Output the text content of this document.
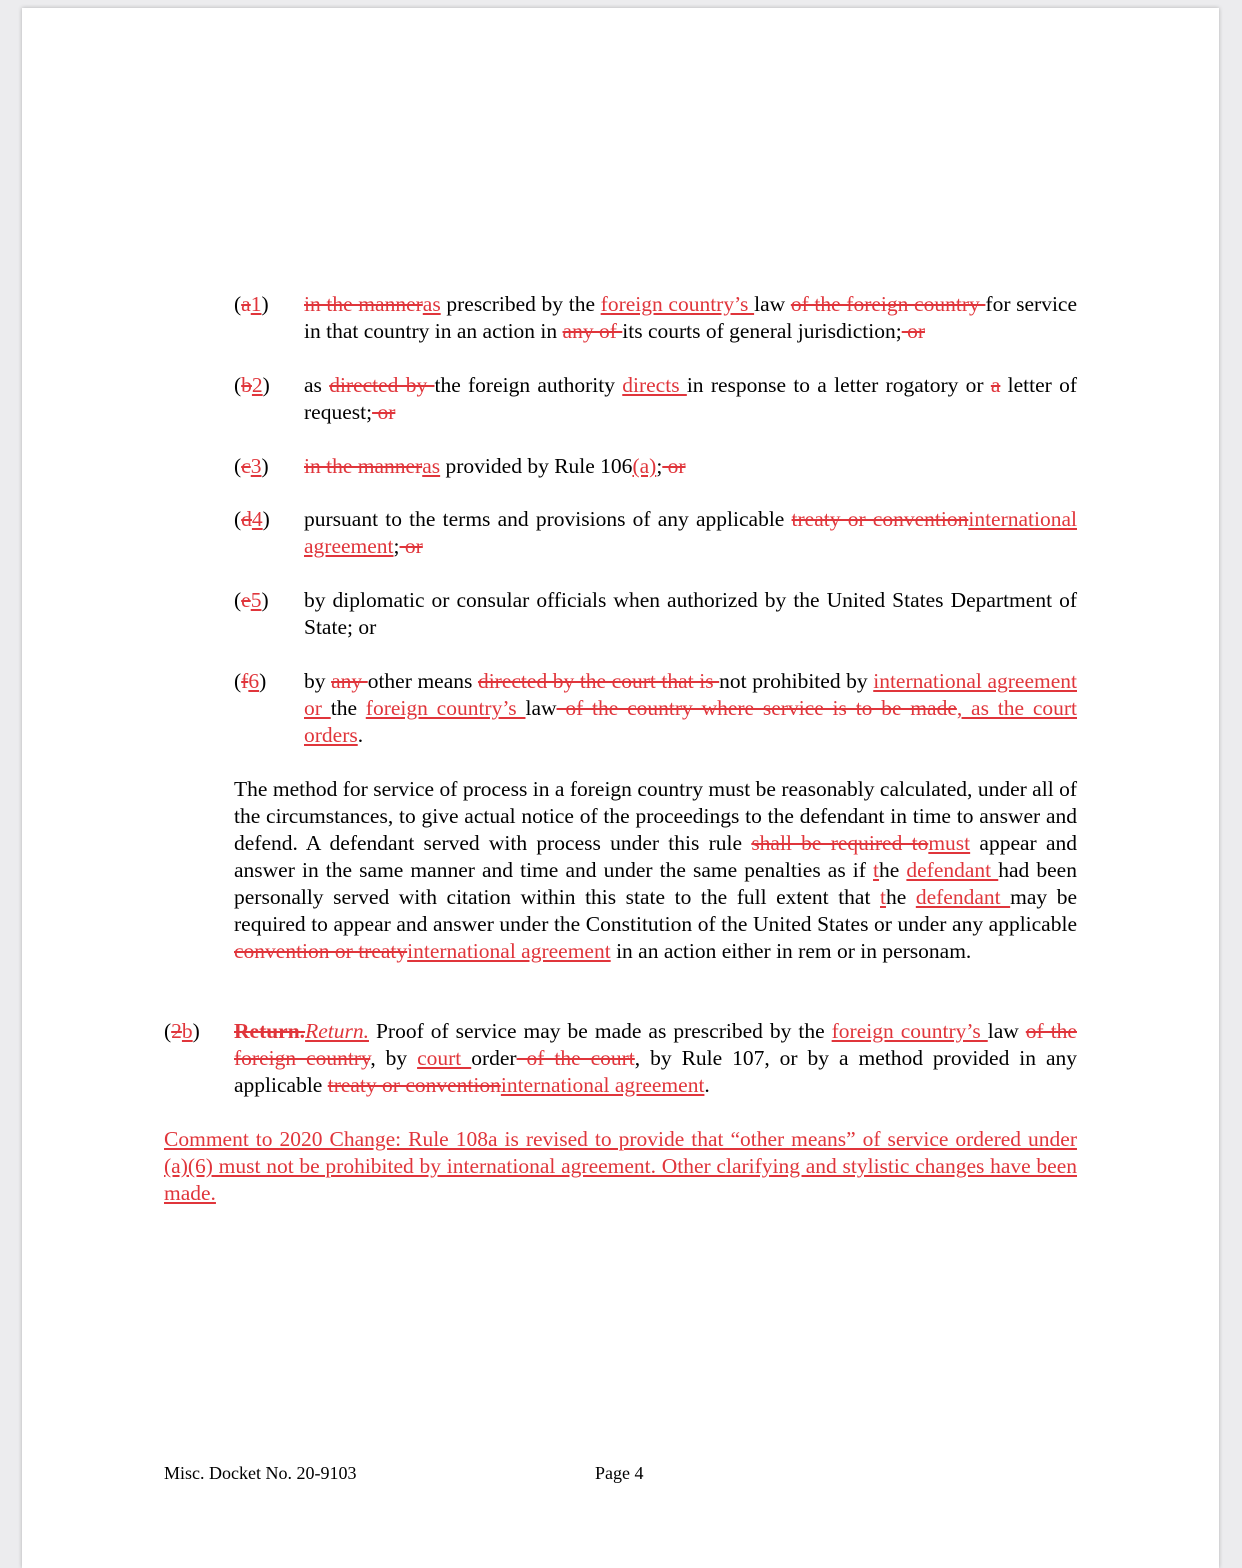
(a1) in the manneras prescribed by the foreign country’s law of the foreign country for service in that country in an action in any of its courts of general jurisdiction; or
(b2) as directed by the foreign authority directs in response to a letter rogatory or a letter of request; or
(c3) in the manneras provided by Rule 106(a); or
(d4) pursuant to the terms and provisions of any applicable treaty or conventioninternational agreement; or
(e5) by diplomatic or consular officials when authorized by the United States Department of State; or
(f6) by any other means directed by the court that is not prohibited by international agreement or the foreign country’s law of the country where service is to be made, as the court orders.
The method for service of process in a foreign country must be reasonably calculated, under all of the circumstances, to give actual notice of the proceedings to the defendant in time to answer and defend. A defendant served with process under this rule shall be required tomust appear and answer in the same manner and time and under the same penalties as if the defendant had been personally served with citation within this state to the full extent that the defendant may be required to appear and answer under the Constitution of the United States or under any applicable convention or treatyinternational agreement in an action either in rem or in personam.
(2b) Return.Return. Proof of service may be made as prescribed by the foreign country’s law of the foreign country, by court order of the court, by Rule 107, or by a method provided in any applicable treaty or conventioninternational agreement.
Comment to 2020 Change: Rule 108a is revised to provide that “other means” of service ordered under (a)(6) must not be prohibited by international agreement. Other clarifying and stylistic changes have been made.
Misc. Docket No. 20-9103	Page 4
